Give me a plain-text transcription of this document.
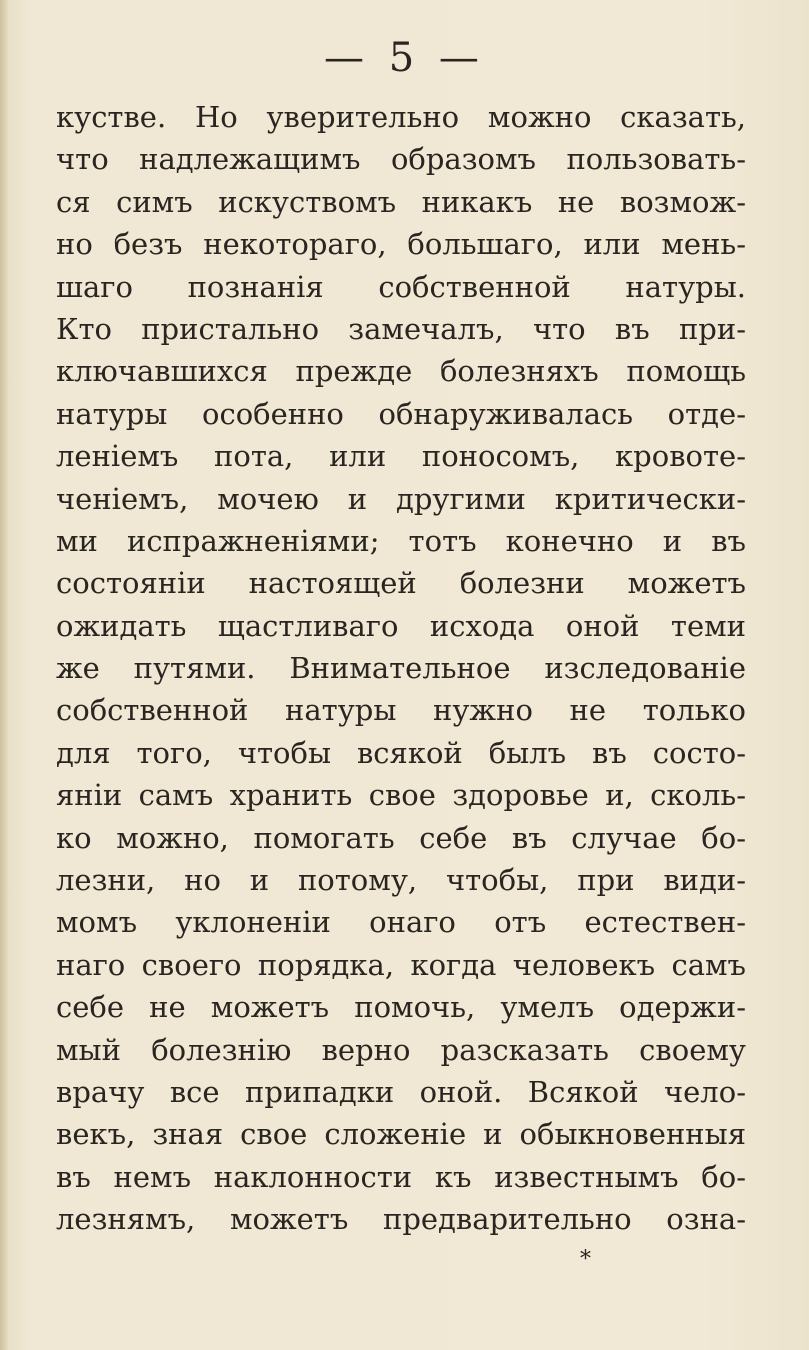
— 5 —
кустве. Но уверительно можно сказать,
что надлежащимъ образомъ пользовать-
ся симъ искуствомъ никакъ не возмож-
но безъ некотораго, большаго, или мень-
шаго познанiя собственной натуры.
Кто пристально замечалъ, что въ при-
ключавшихся прежде болезняхъ помощь
натуры особенно обнаруживалась отде-
ленiемъ пота, или поносомъ, кровоте-
ченiемъ, мочею и другими критически-
ми испражненiями; тотъ конечно и въ
состоянiи настоящей болезни можетъ
ожидать щастливаго исхода оной теми
же путями. Внимательное изследованiе
собственной натуры нужно не только
для того, чтобы всякой былъ въ состо-
янiи самъ хранить свое здоровье и, сколь-
ко можно, помогать себе въ случае бо-
лезни, но и потому, чтобы, при види-
момъ уклоненiи онаго отъ естествен-
наго своего порядка, когда человекъ самъ
себе не можетъ помочь, умелъ одержи-
мый болезнiю верно разсказать своему
врачу все припадки оной. Всякой чело-
векъ, зная свое сложенiе и обыкновенныя
въ немъ наклонности къ известнымъ бо-
лезнямъ, можетъ предварительно озна-
*
